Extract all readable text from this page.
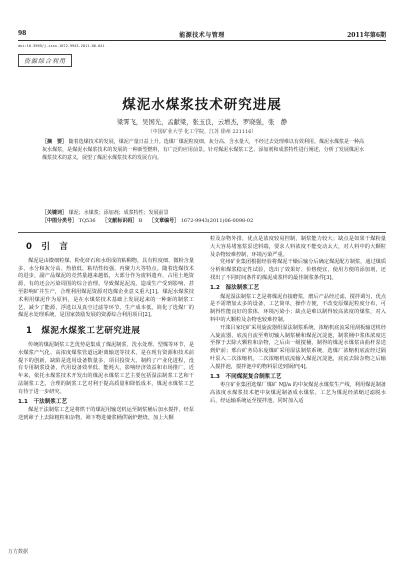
98	能源技术与管理	2011年第6期
doi:10.3969/j.issn.1672-9943.2011.06.041
资源综合利用
煤泥水煤浆技术研究进展
梁霁飞，吴国光，孟献梁，张玉良，云增杰，罗晓强，张　静
（中国矿业大学 化工学院，江苏 徐州 221116）
［摘　要］ 随着选煤技术的发展，煤泥产量日益上升。选煤厂煤泥粒度细、灰分高、含水量大，不经过去处理难以有效利用。煤泥水煤浆是一种高灰水煤浆，是煤泥水煤浆技术的发展的一种新型燃料，有广泛的应用前景。针对煤泥水煤浆工艺、添加剂和成浆特性进行阐述，分析了发展煤泥水煤浆技术的意义，展望了煤泥水煤浆技术的发展方向。
［关键词］ 煤泥；水煤浆；添加剂；成浆特性；发展前景
［中图分类号］ TQ536  ［文献标识码］ B  ［文章编号］ 1672-9943(2011)06-0098-02
0　引　言

煤泥是由微细粒煤、粉化矸石和水组成的粘稠物，具有粒度细、微粉含量多、水分和灰分高、热值低、粘结性较强、内聚力大等特点。随着选煤技术的进步，副产品煤泥的竞然量越来越低，大部分作为废料遗弃，占用土地资源，有的还会污染周围的综合治理。导致煤泥泥流，造成生产受到影响，甚至影响矿井生产，合理利用煤泥资源对选煤企业意义重大[1]。煤泥水煤浆技术利用煤泥作为原料，是在水煤浆技术基础上发展起来的一种新的制浆工艺，减少了能源，浮选以及真空过滤等环节，生产成本低，简化了选煤厂的煤泥水处理系统，是国家鼓励发展的资源综合利用项目[2]。

1　煤泥水煤浆工艺研究进展

传统的煤泥制浆工艺优势是集成了煤泥制浆、洗水处理、型煤等环节，是水煤浆产气化、高浓度煤浆管道远距离输送等技术，是在现有资源和技术前提下的创新，缺陷是选用设备数量多、项目投资大、制约了产业化进程，没有专用制浆设备，代用设备效率低、能耗大，影响经济效益和市场推广。近年来，依托水煤浆技术开发出的煤泥水煤浆工艺主要包括湿法制浆工艺和干法制浆工艺，合理的制浆工艺对利于提高质量和降低成本，煤泥水煤浆工艺有待于进一步研究。

1.1　干法制浆工艺

煤泥干法制浆工艺是将烘干的煤泥用输送机运至制浆桶后加水搅拌，经泵送到筛子上去除粗粒和杂物，筛下物进储浆桶供锅炉燃烧。加上大颗

粒及杂物外排，优点是浓度较易控制，制浆能力较大；缺点是如果干煤粉量大大容易堵塞浆泵送料端，要求人料浓度不能变动太大，对人料中的大颗粒及杂物较难控制，环境污染严重。

党州矿业集团根据经验将煤泥干燥后输分后确定煤泥配方制浆，通过煤质分析和煤浆稳定性试验，选出了效果好、价格便宜，使用方便的添加剂，还找出了不同时间条件的煤泥成浆样的最佳制浆条件[3]。

1.2　湿法制浆工艺

煤泥湿法制浆工艺是将煤泥直接磨浆，磨后产品经过滤，搅拌调匀，优点是不需增加太多的设备，工艺简单，操作方便，不改变原煤泥粒度分布，可制得性能良好的浆体，环境污染小；缺点是难以制得较高浓度的煤浆，对入料中的大颗粒及杂物也较难控制。

开滦吕家坨矿采用旋流器组湿法制浆系统，浓缩机底流采用刮板输送机经入旋流器，底流自流至剪切输入制浆桶和煤泥沉淀池，制浆桶中浆体浓度达至撑于去除大颗粒和杂物，之后由一级搅桶，制得的煤泥水煤浆由曲杆泵送到炉前；邢台矿务局东庞煤矿采用湿法制浆系统，选煤厂浓缩机底流经过隔叶泵入二次浓缩机，二次浓缩机底流输入煤泥沉淀池，底流去除杂物之后输入搅拌池，搅拌池中的物料泵送到锅炉[4]。

1.3　不同煤泥复合制浆工艺

枣庄矿业集团选煤厂煤矿 MJ/a 的中灰煤泥水煤浆生产线，利用煤泥制备高浓度水煤浆技术把中灰煤泥制备成水煤浆。工艺为煤泥经浓缩过滤脱水后，经运输系统运至搅拌池，同时加入适

万方数据
